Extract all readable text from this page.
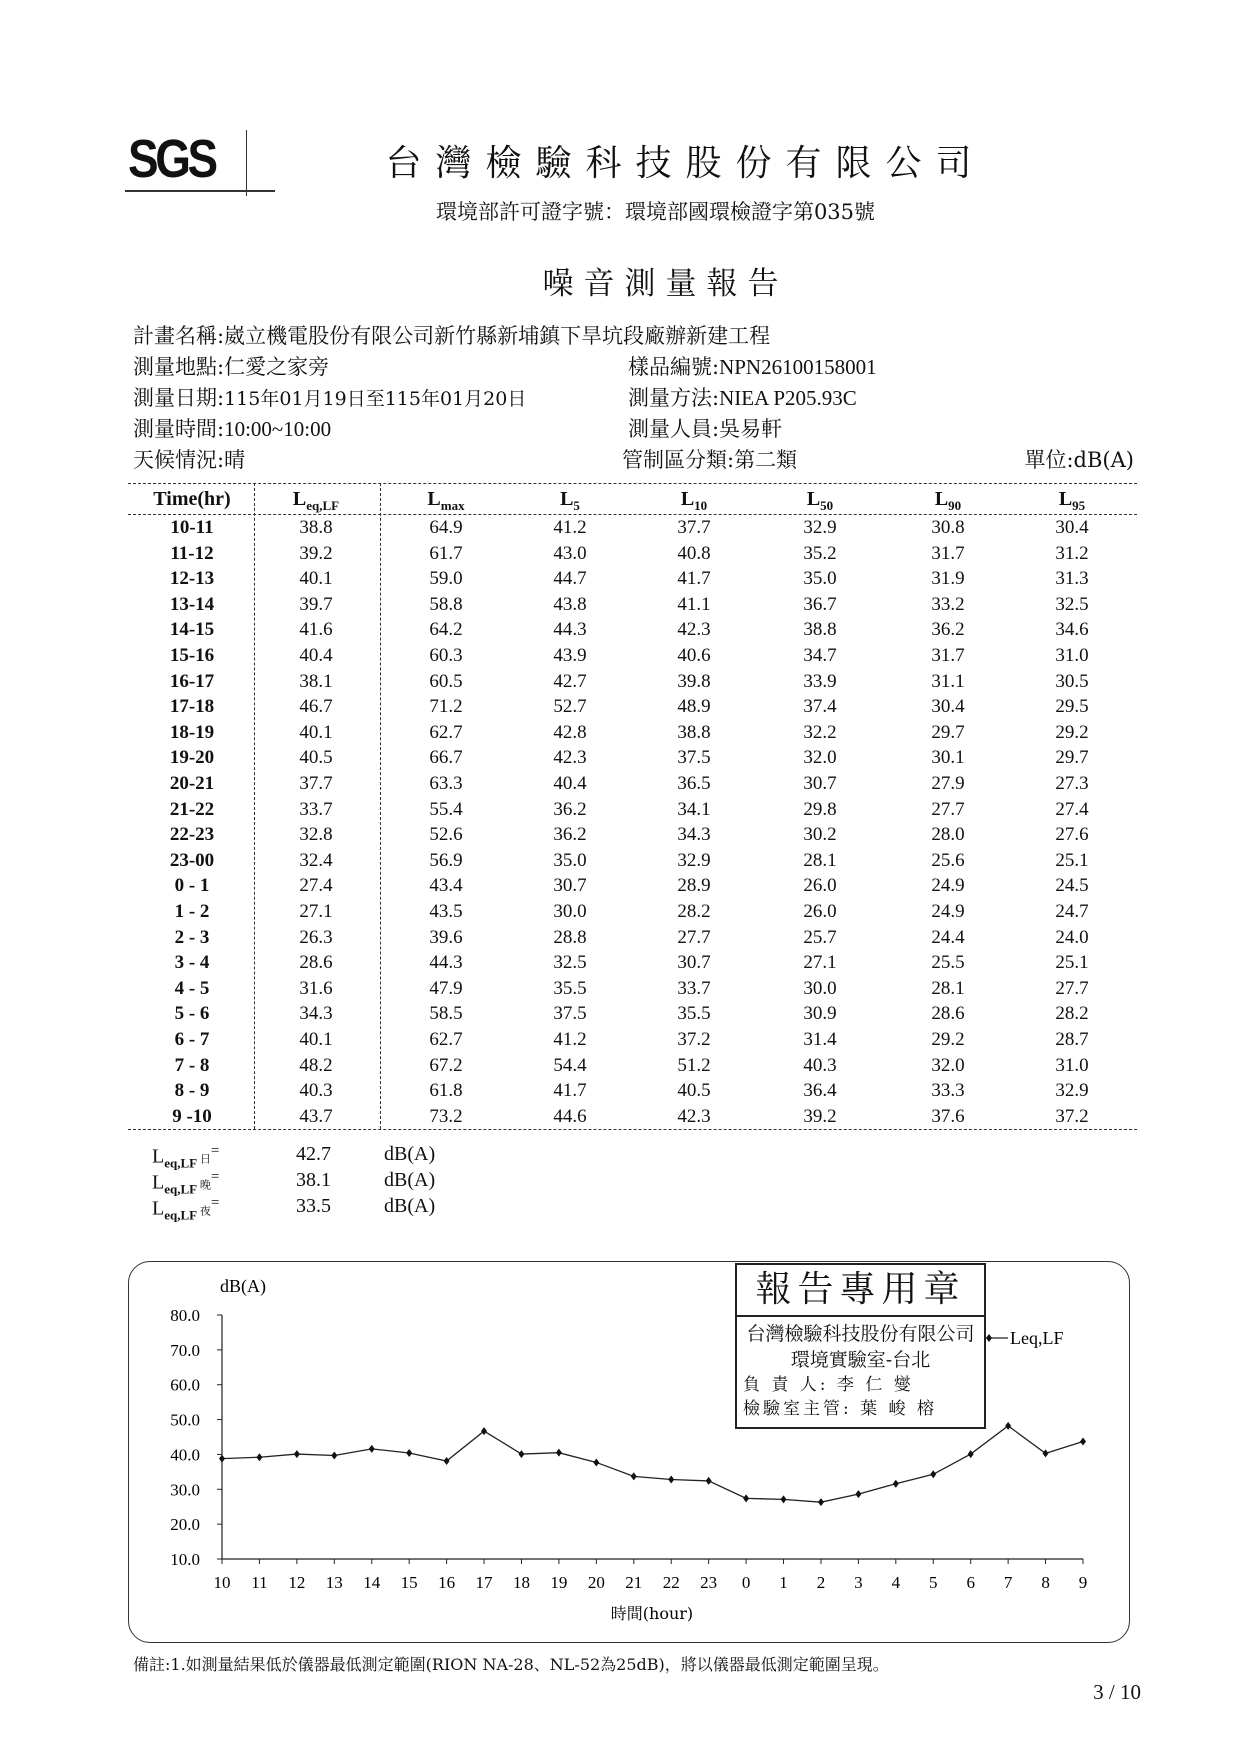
SGS	台灣檢驗科技股份有限公司
環境部許可證字號：環境部國環檢證字第035號
噪音測量報告
計畫名稱:崴立機電股份有限公司新竹縣新埔鎮下旱坑段廠辦新建工程
測量地點:仁愛之家旁	樣品編號:NPN26100158001
測量日期:115年01月19日至115年01月20日	測量方法:NIEA P205.93C
測量時間:10:00~10:00	測量人員:吳易軒
天候情況:晴	管制區分類:第二類	單位:dB(A)
Time(hr)	$L_{eq,LF}$	$L_{max}$	$L_5$	$L_{10}$	$L_{50}$	$L_{90}$	$L_{95}$
10-11	38.8	64.9	41.2	37.7	32.9	30.8	30.4
11-12	39.2	61.7	43.0	40.8	35.2	31.7	31.2
12-13	40.1	59.0	44.7	41.7	35.0	31.9	31.3
13-14	39.7	58.8	43.8	41.1	36.7	33.2	32.5
14-15	41.6	64.2	44.3	42.3	38.8	36.2	34.6
15-16	40.4	60.3	43.9	40.6	34.7	31.7	31.0
16-17	38.1	60.5	42.7	39.8	33.9	31.1	30.5
17-18	46.7	71.2	52.7	48.9	37.4	30.4	29.5
18-19	40.1	62.7	42.8	38.8	32.2	29.7	29.2
19-20	40.5	66.7	42.3	37.5	32.0	30.1	29.7
20-21	37.7	63.3	40.4	36.5	30.7	27.9	27.3
21-22	33.7	55.4	36.2	34.1	29.8	27.7	27.4
22-23	32.8	52.6	36.2	34.3	30.2	28.0	27.6
23-00	32.4	56.9	35.0	32.9	28.1	25.6	25.1
0 - 1	27.4	43.4	30.7	28.9	26.0	24.9	24.5
1 - 2	27.1	43.5	30.0	28.2	26.0	24.9	24.7
2 - 3	26.3	39.6	28.8	27.7	25.7	24.4	24.0
3 - 4	28.6	44.3	32.5	30.7	27.1	25.5	25.1
4 - 5	31.6	47.9	35.5	33.7	30.0	28.1	27.7
5 - 6	34.3	58.5	37.5	35.5	30.9	28.6	28.2
6 - 7	40.1	62.7	41.2	37.2	31.4	29.2	28.7
7 - 8	48.2	67.2	54.4	51.2	40.3	32.0	31.0
8 - 9	40.3	61.8	41.7	40.5	36.4	33.3	32.9
9 -10	43.7	73.2	44.6	42.3	39.2	37.6	37.2
$L_{eq,LF}$ 日=	42.7	dB(A)
$L_{eq,LF}$ 晚=	38.1	dB(A)
$L_{eq,LF}$ 夜=	33.5	dB(A)
80.0
70.0
60.0
50.0
40.0
30.0
20.0
10.0
10 11 12 13 14 15 16 17 18 19 20 21 22 23 0 1 2 3 4 5 6 7 8 9
dB(A)
時間(hour)
Leq,LF
報告專用章
台灣檢驗科技股份有限公司
環境實驗室-台北
負 責 人: 李 仁 燮
檢驗室主管: 葉 峻 榕
備註:1.如測量結果低於儀器最低測定範圍(RION NA-28、NL-52為25dB)，將以儀器最低測定範圍呈現。
3 / 10
